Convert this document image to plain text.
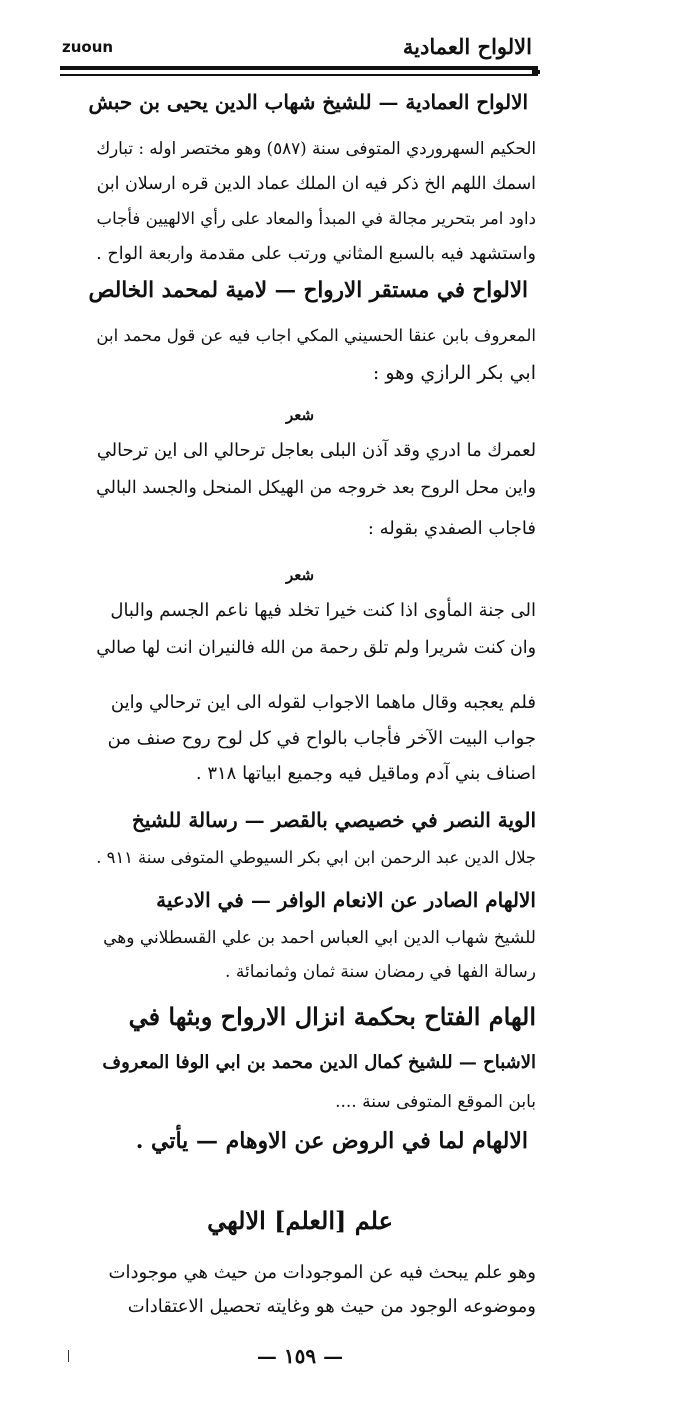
zuoun	الالواح العمادية
الالواح العمادية — للشيخ شهاب الدين يحيى بن حبش
الحكيم السهروردي المتوفى سنة (٥٨٧) وهو مختصر اوله : تبارك
اسمك اللهم الخ ذكر فيه ان الملك عماد الدين قره ارسلان ابن
داود امر بتحرير مجالة في المبدأ والمعاد على رأي الالهيين فأجاب
واستشهد فيه بالسبع المثاني ورتب على مقدمة واربعة الواح .
الالواح في مستقر الارواح — لامية لمحمد الخالص
المعروف بابن عنقا الحسيني المكي اجاب فيه عن قول محمد ابن
ابي بكر الرازي وهو :
شعر
لعمرك ما ادري وقد آذن البلى بعاجل ترحالي الى اين ترحالي
واين محل الروح بعد خروجه من الهيكل المنحل والجسد البالي
فاجاب الصفدي بقوله :
شعر
الى جنة المأوى اذا كنت خيرا تخلد فيها ناعم الجسم والبال
وان كنت شريرا ولم تلق رحمة من الله فالنيران انت لها صالي
فلم يعجبه وقال ماهما الاجواب لقوله الى اين ترحالي واين
جواب البيت الآخر فأجاب بالواح في كل لوح روح صنف من
اصناف بني آدم وماقيل فيه وجميع ابياتها ٣١٨ .
الوية النصر في خصيصي بالقصر — رسالة للشيخ
جلال الدين عبد الرحمن ابن ابي بكر السيوطي المتوفى سنة ٩١١ .
الالهام الصادر عن الانعام الوافر — في الادعية
للشيخ شهاب الدين ابي العباس احمد بن علي القسطلاني وهي
رسالة الفها في رمضان سنة ثمان وثمانمائة .
الهام الفتاح بحكمة انزال الارواح وبثها في
الاشباح — للشيخ كمال الدين محمد بن ابي الوفا المعروف
بابن الموقع المتوفى سنة ....
الالهام لما في الروض عن الاوهام — يأتي .
علم [العلم] الالهي
وهو علم يبحث فيه عن الموجودات من حيث هي موجودات
وموضوعه الوجود من حيث هو وغايته تحصيل الاعتقادات
— ١٥٩ —
